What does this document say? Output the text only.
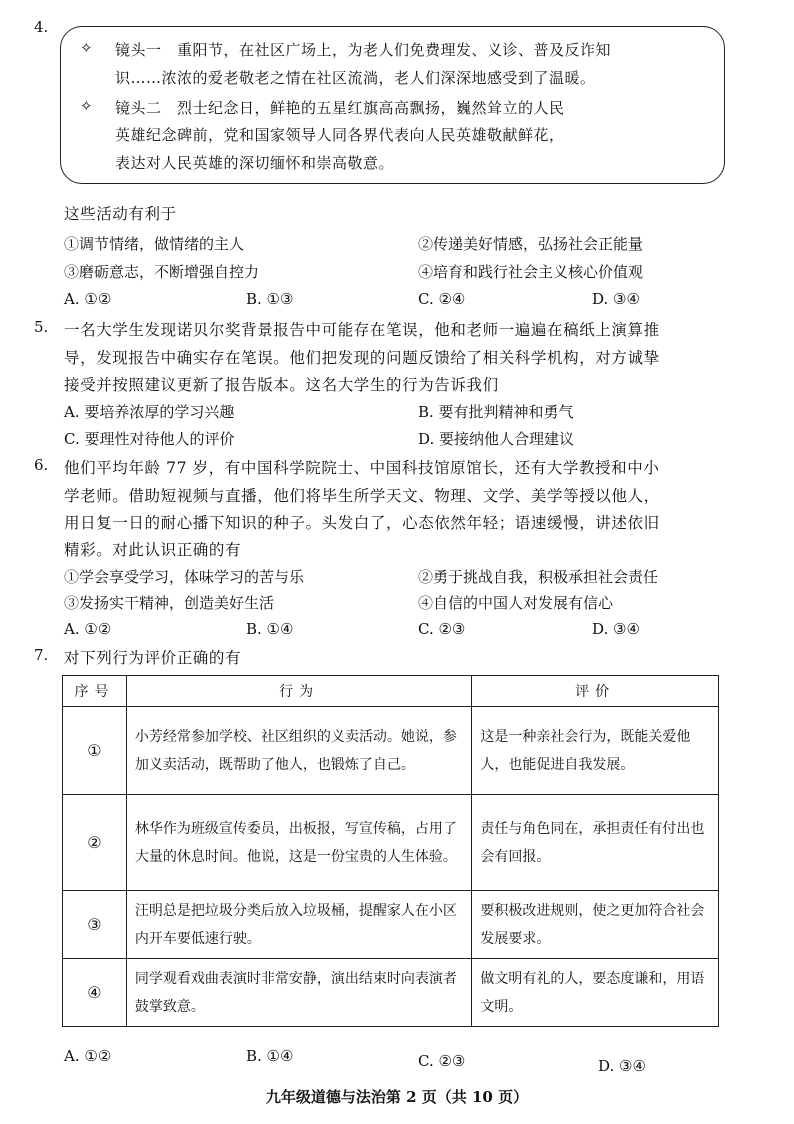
4.
✧ 镜头一　重阳节，在社区广场上，为老人们免费理发、义诊、普及反诈知
识……浓浓的爱老敬老之情在社区流淌，老人们深深地感受到了温暖。
✧ 镜头二　烈士纪念日，鲜艳的五星红旗高高飘扬，巍然耸立的人民
英雄纪念碑前，党和国家领导人同各界代表向人民英雄敬献鲜花，
表达对人民英雄的深切缅怀和崇高敬意。
这些活动有利于
①调节情绪，做情绪的主人	②传递美好情感，弘扬社会正能量
③磨砺意志，不断增强自控力	④培育和践行社会主义核心价值观
A. ①②	B. ①③	C. ②④	D. ③④
5. 一名大学生发现诺贝尔奖背景报告中可能存在笔误，他和老师一遍遍在稿纸上演算推
导，发现报告中确实存在笔误。他们把发现的问题反馈给了相关科学机构，对方诚挚
接受并按照建议更新了报告版本。这名大学生的行为告诉我们
A. 要培养浓厚的学习兴趣	B. 要有批判精神和勇气
C. 要理性对待他人的评价	D. 要接纳他人合理建议
6. 他们平均年龄 77 岁，有中国科学院院士、中国科技馆原馆长，还有大学教授和中小
学老师。借助短视频与直播，他们将毕生所学天文、物理、文学、美学等授以他人，
用日复一日的耐心播下知识的种子。头发白了，心态依然年轻；语速缓慢，讲述依旧
精彩。对此认识正确的有
①学会享受学习，体味学习的苦与乐	②勇于挑战自我，积极承担社会责任
③发扬实干精神，创造美好生活	④自信的中国人对发展有信心
A. ①②	B. ①④	C. ②③	D. ③④
7. 对下列行为评价正确的有
序号	行为	评价
①	小芳经常参加学校、社区组织的义卖活动。她说，参加义卖活动，既帮助了他人，也锻炼了自己。	这是一种亲社会行为，既能关爱他人，也能促进自我发展。

②	林华作为班级宣传委员，出板报，写宣传稿，占用了大量的休息时间。他说，这是一份宝贵的人生体验。	责任与角色同在，承担责任有付出也会有回报。

③	汪明总是把垃圾分类后放入垃圾桶，提醒家人在小区内开车要低速行驶。	要积极改进规则，使之更加符合社会发展要求。

④	同学观看戏曲表演时非常安静，演出结束时向表演者鼓掌致意。	做文明有礼的人，要态度谦和，用语文明。
A. ①②	B. ①④	C. ②③	D. ③④
九年级道德与法治第 2 页（共 10 页）
